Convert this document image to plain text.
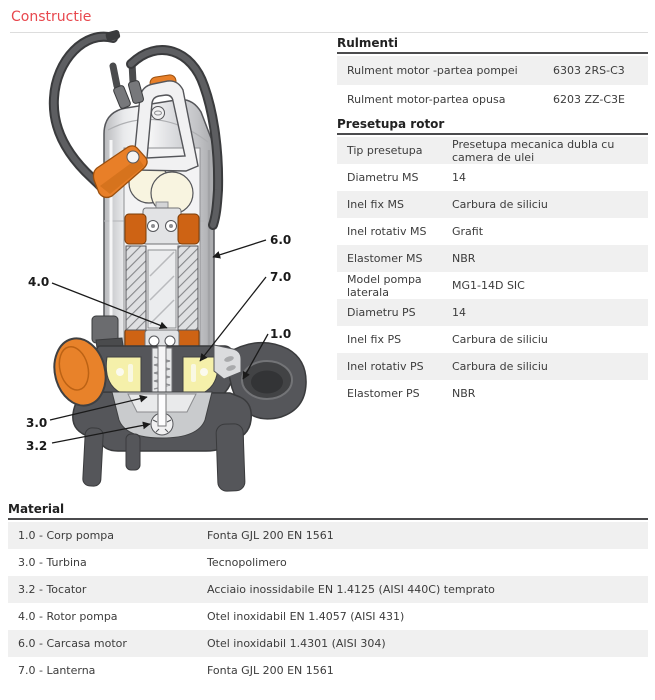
Constructie
6.0
7.0
1.0
4.0
3.0
3.2
Rulmenti
Rulment motor -partea pompei	6303 2RS-C3
Rulment motor-partea opusa	6203 ZZ-C3E
Presetupa rotor
Tip presetupa	Presetupa mecanica dubla cu camera de ulei
Diametru MS	14
Inel fix MS	Carbura de siliciu
Inel rotativ MS	Grafit
Elastomer MS	NBR
Model pompa laterala	MG1-14D SIC
Diametru PS	14
Inel fix PS	Carbura de siliciu
Inel rotativ PS	Carbura de siliciu
Elastomer PS	NBR
Material
1.0 - Corp pompa	Fonta GJL 200 EN 1561
3.0 - Turbina	Tecnopolimero
3.2 - Tocator	Acciaio inossidabile EN 1.4125 (AISI 440C) temprato
4.0 - Rotor pompa	Otel inoxidabil EN 1.4057 (AISI 431)
6.0 - Carcasa motor	Otel inoxidabil 1.4301 (AISI 304)
7.0 - Lanterna	Fonta GJL 200 EN 1561
